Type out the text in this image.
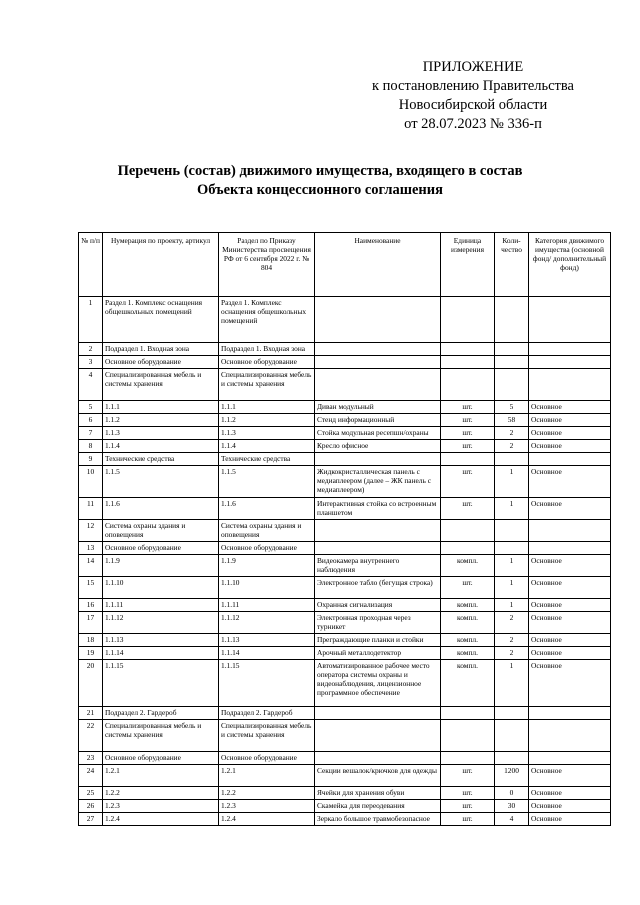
ПРИЛОЖЕНИЕ
к постановлению Правительства
Новосибирской области
от 28.07.2023 № 336-п
Перечень (состав) движимого имущества, входящего в состав
Объекта концессионного соглашения
№ п/п	Нумерация по проекту, артикул	Раздел по Приказу Министерства просвещения РФ от 6 сентября 2022 г. № 804	Наименование	Единица измерения	Коли-чество	Категория движимого имущества (основной фонд/ дополнительный фонд)
1	Раздел 1. Комплекс оснащения общешкольных помещений	Раздел 1. Комплекс оснащения общешкольных помещений				
2	Подраздел 1. Входная зона	Подраздел 1. Входная зона				
3	Основное оборудование	Основное оборудование				
4	Специализированная мебель и системы хранения	Специализированная мебель и системы хранения				
5	1.1.1	1.1.1	Диван модульный	шт.	5	Основное
6	1.1.2	1.1.2	Стенд информационный	шт.	58	Основное
7	1.1.3	1.1.3	Стойка модульная ресепшн/охраны	шт.	2	Основное
8	1.1.4	1.1.4	Кресло офисное	шт.	2	Основное
9	Технические средства	Технические средства				
10	1.1.5	1.1.5	Жидкокристаллическая панель с медиаплеером (далее – ЖК панель с медиаплеером)	шт.	1	Основное
11	1.1.6	1.1.6	Интерактивная стойка со встроенным планшетом	шт.	1	Основное
12	Система охраны здания и оповещения	Система охраны здания и оповещения				
13	Основное оборудование	Основное оборудование				
14	1.1.9	1.1.9	Видеокамера внутреннего наблюдения	компл.	1	Основное
15	1.1.10	1.1.10	Электронное табло (бегущая строка)	шт.	1	Основное
16	1.1.11	1.1.11	Охранная сигнализация	компл.	1	Основное
17	1.1.12	1.1.12	Электронная проходная через турникет	компл.	2	Основное
18	1.1.13	1.1.13	Преграждающие планки и стойки	компл.	2	Основное
19	1.1.14	1.1.14	Арочный металлодетектор	компл.	2	Основное
20	1.1.15	1.1.15	Автоматизированное рабочее место оператора системы охраны и видеонаблюдения, лицензионное программное обеспечение	компл.	1	Основное
21	Подраздел 2. Гардероб	Подраздел 2. Гардероб				
22	Специализированная мебель и системы хранения	Специализированная мебель и системы хранения				
23	Основное оборудование	Основное оборудование				
24	1.2.1	1.2.1	Секции вешалок/крючков для одежды	шт.	1200	Основное
25	1.2.2	1.2.2	Ячейки для хранения обуви	шт.	0	Основное
26	1.2.3	1.2.3	Скамейка для переодевания	шт.	30	Основное
27	1.2.4	1.2.4	Зеркало большое травмобезопасное	шт.	4	Основное
